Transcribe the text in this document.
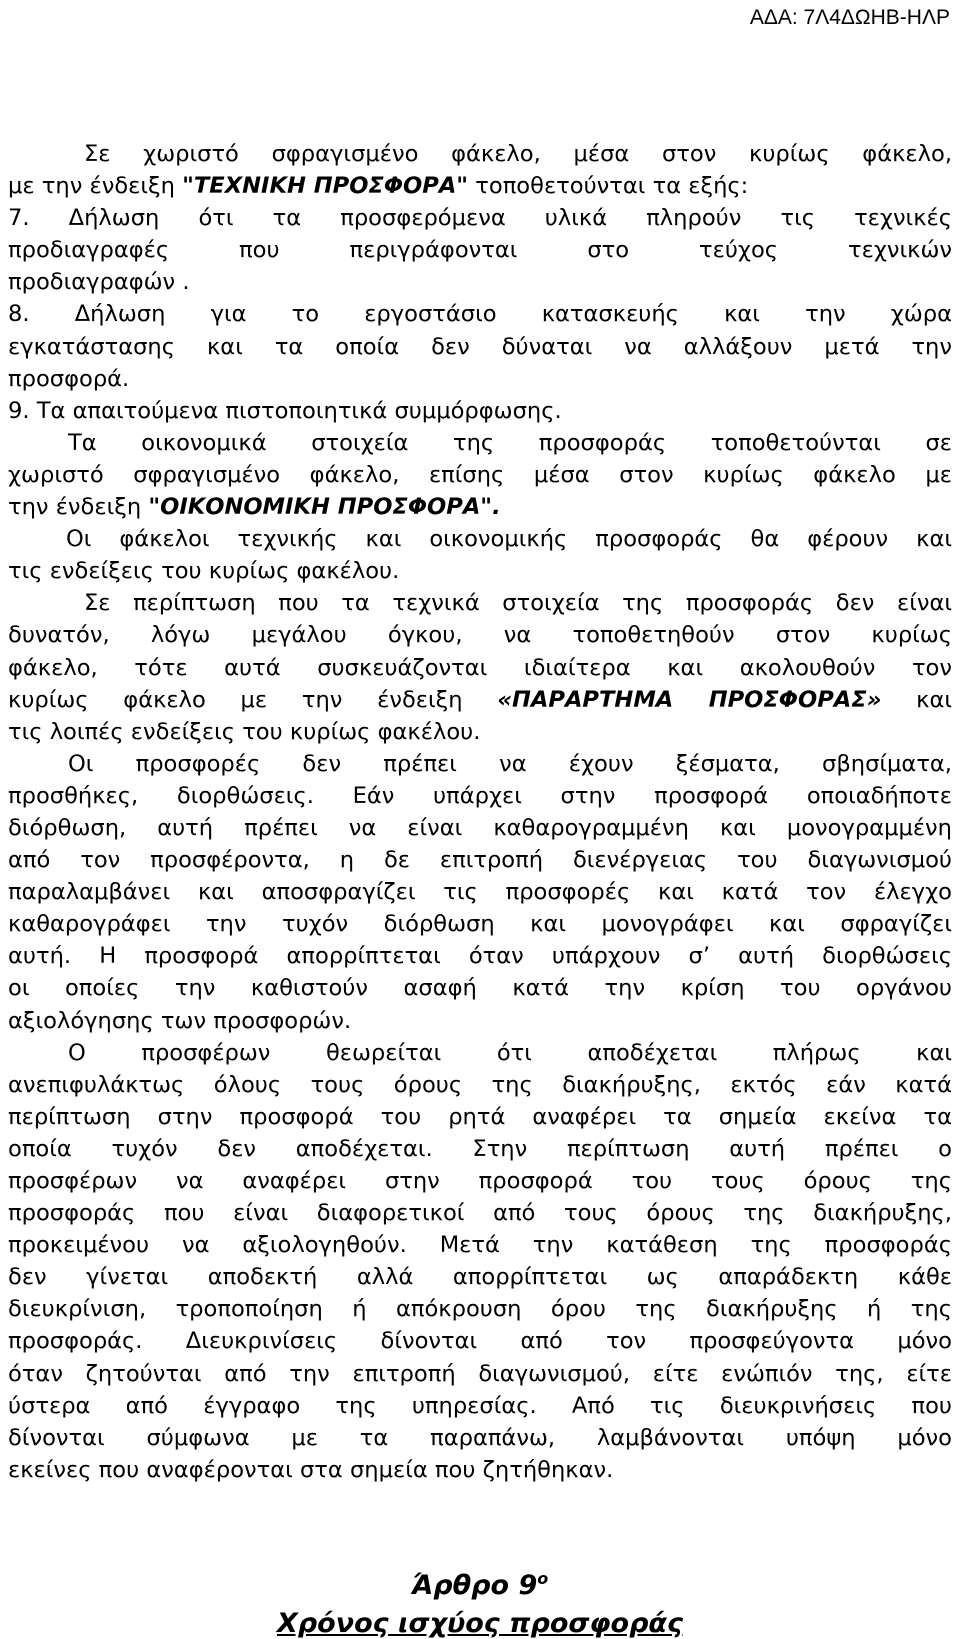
ΑΔΑ: 7Λ4ΔΩΗΒ-ΗΛΡ
Σε χωριστό σφραγισμένο φάκελο, μέσα στον κυρίως φάκελο,
με την ένδειξη "ΤΕΧΝΙΚΗ ΠΡΟΣΦΟΡΑ" τοποθετούνται τα εξής:
7. Δήλωση ότι τα προσφερόμενα υλικά πληρούν τις τεχνικές
προδιαγραφές που περιγράφονται στο τεύχος τεχνικών
προδιαγραφών .
8. Δήλωση για το εργοστάσιο κατασκευής και την χώρα
εγκατάστασης και τα οποία δεν δύναται να αλλάξουν μετά την
προσφορά.
9. Τα απαιτούμενα πιστοποιητικά συμμόρφωσης.
Τα οικονομικά στοιχεία της προσφοράς τοποθετούνται σε
χωριστό σφραγισμένο φάκελο, επίσης μέσα στον κυρίως φάκελο με
την ένδειξη "ΟΙΚΟΝΟΜΙΚΗ ΠΡΟΣΦΟΡΑ".
Οι φάκελοι τεχνικής και οικονομικής προσφοράς θα φέρουν και
τις ενδείξεις του κυρίως φακέλου.
Σε περίπτωση που τα τεχνικά στοιχεία της προσφοράς δεν είναι
δυνατόν, λόγω μεγάλου όγκου, να τοποθετηθούν στον κυρίως
φάκελο, τότε αυτά συσκευάζονται ιδιαίτερα και ακολουθούν τον
κυρίως φάκελο με την ένδειξη «ΠΑΡΑΡΤΗΜΑ ΠΡΟΣΦΟΡΑΣ» και
τις λοιπές ενδείξεις του κυρίως φακέλου.
Οι προσφορές δεν πρέπει να έχουν ξέσματα, σβησίματα,
προσθήκες, διορθώσεις. Εάν υπάρχει στην προσφορά οποιαδήποτε
διόρθωση, αυτή πρέπει να είναι καθαρογραμμένη και μονογραμμένη
από τον προσφέροντα, η δε επιτροπή διενέργειας του διαγωνισμού
παραλαμβάνει και αποσφραγίζει τις προσφορές και κατά τον έλεγχο
καθαρογράφει την τυχόν διόρθωση και μονογράφει και σφραγίζει
αυτή. Η προσφορά απορρίπτεται όταν υπάρχουν σ’ αυτή διορθώσεις
οι οποίες την καθιστούν ασαφή κατά την κρίση του οργάνου
αξιολόγησης των προσφορών.
Ο προσφέρων θεωρείται ότι αποδέχεται πλήρως και
ανεπιφυλάκτως όλους τους όρους της διακήρυξης, εκτός εάν κατά
περίπτωση στην προσφορά του ρητά αναφέρει τα σημεία εκείνα τα
οποία τυχόν δεν αποδέχεται. Στην περίπτωση αυτή πρέπει ο
προσφέρων να αναφέρει στην προσφορά του τους όρους της
προσφοράς που είναι διαφορετικοί από τους όρους της διακήρυξης,
προκειμένου να αξιολογηθούν. Μετά την κατάθεση της προσφοράς
δεν γίνεται αποδεκτή αλλά απορρίπτεται ως απαράδεκτη κάθε
διευκρίνιση, τροποποίηση ή απόκρουση όρου της διακήρυξης ή της
προσφοράς. Διευκρινίσεις δίνονται από τον προσφεύγοντα μόνο
όταν ζητούνται από την επιτροπή διαγωνισμού, είτε ενώπιόν της, είτε
ύστερα από έγγραφο της υπηρεσίας. Από τις διευκρινήσεις που
δίνονται σύμφωνα με τα παραπάνω, λαμβάνονται υπόψη μόνο
εκείνες που αναφέρονται στα σημεία που ζητήθηκαν.
Άρθρο $9^o$
Χρόνος ισχύος προσφοράς
